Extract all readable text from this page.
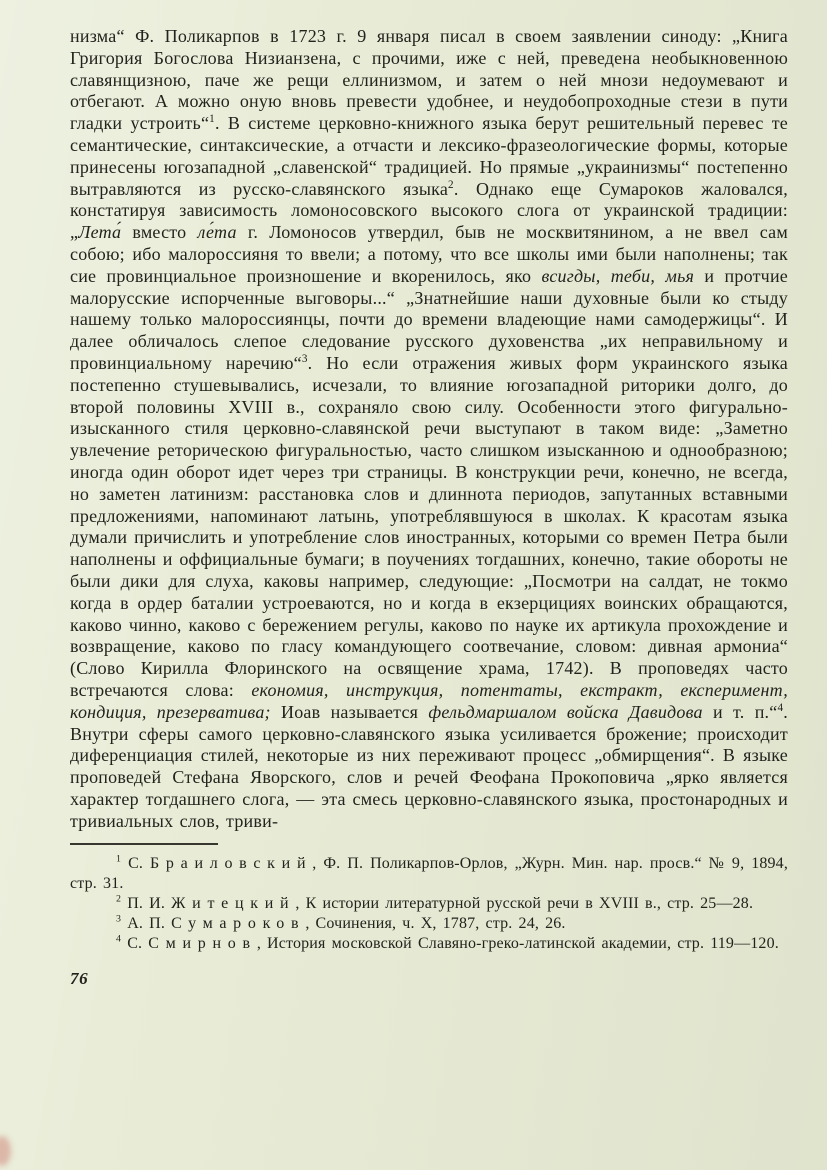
низма“ Ф. Поликарпов в 1723 г. 9 января писал в своем заявлении синоду: „Книга Григория Богослова Низианзена, с прочими, иже с ней, преведена необыкновенною славянщизною, паче же рещи еллинизмом, и затем о ней мнози недоумевают и отбегают. А можно оную вновь превести удобнее, и неудобопроходные стези в пути гладки устроить“$^1$. В системе церковно-книжного языка берут решительный перевес те семантические, синтаксические, а отчасти и лексико-фразеологические формы, которые принесены югозападной „славенской“ традицией. Но прямые „украинизмы“ постепенно вытравляются из русско-славянского языка$^2$. Однако еще Сумароков жаловался, констатируя зависимость ломоносовского высокого слога от украинской традиции: „Лета́ вместо ле́та г. Ломоносов утвердил, быв не москвитянином, а не ввел сам собою; ибо малороссияня то ввели; а потому, что все школы ими были наполнены; так сие провинциальное произношение и вкоренилось, яко всигды, теби, мья и протчие малорусские испорченные выговоры...“ „Знатнейшие наши духовные были ко стыду нашему только малороссиянцы, почти до времени владеющие нами самодержицы“. И далее обличалось слепое следование русского духовенства „их неправильному и провинциальному наречию“$^3$. Но если отражения живых форм украинского языка постепенно стушевывались, исчезали, то влияние югозападной риторики долго, до второй половины XVIII в., сохраняло свою силу. Особенности этого фигурально-изысканного стиля церковно-славянской речи выступают в таком виде: „Заметно увлечение реторическою фигуральностью, часто слишком изысканною и однообразною; иногда один оборот идет через три страницы. В конструкции речи, конечно, не всегда, но заметен латинизм: расстановка слов и длиннота периодов, запутанных вставными предложениями, напоминают латынь, употреблявшуюся в школах. К красотам языка думали причислить и употребление слов иностранных, которыми со времен Петра были наполнены и оффициальные бумаги; в поучениях тогдашних, конечно, такие обороты не были дики для слуха, каковы например, следующие: „Посмотри на салдат, не токмо когда в ордер баталии устроеваются, но и когда в екзерцициях воинских обращаются, каково чинно, каково с бережением регулы, каково по науке их артикула прохождение и возвращение, каково по гласу командующего соотвечание, словом: дивная армониа“ (Слово Кирилла Флоринского на освящение храма, 1742). В проповедях часто встречаются слова: економия, инструкция, потентаты, екстракт, експеримент, кондиция, презерватива; Иоав называется фельдмаршалом войска Давидова и т. п.“$^4$. Внутри сферы самого церковно-славянского языка усиливается брожение; происходит диференциация стилей, некоторые из них переживают процесс „обмирщения“. В языке проповедей Стефана Яворского, слов и речей Феофана Прокоповича „ярко является характер тогдашнего слога, — эта смесь церковно-славянского языка, простонародных и тривиальных слов, триви-

$^1$ С. Браиловский, Ф. П. Поликарпов-Орлов, „Журн. Мин. нар. просв.“ № 9, 1894, стр. 31.

$^2$ П. И. Житецкий, К истории литературной русской речи в XVIII в., стр. 25—28.

$^3$ А. П. Сумароков, Сочинения, ч. X, 1787, стр. 24, 26.

$^4$ С. Смирнов, История московской Славяно-греко-латинской академии, стр. 119—120.

76
